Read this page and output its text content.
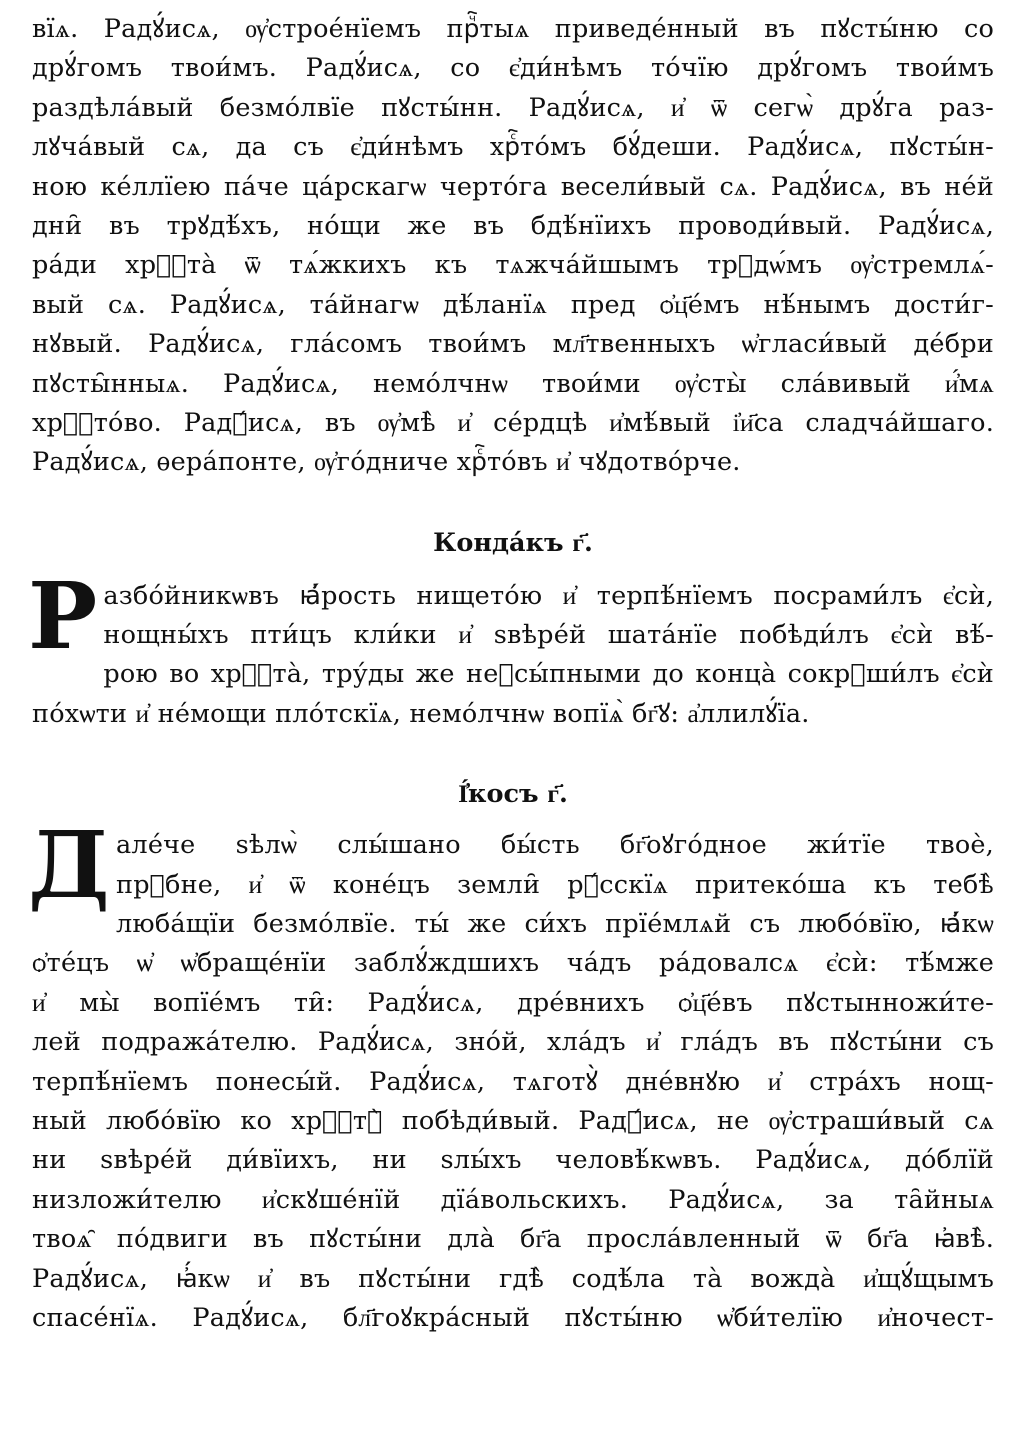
вїѧ. Радꙋ́исѧ, ѹ҆строе́нїемъ прⷱ҇тыѧ приведе́нный въ пꙋсты́ню со
дрꙋ́гомъ твои́мъ. Радꙋ́исѧ, со є҆ди́нѣмъ то́чїю дрꙋ́гомъ твои́мъ
раздѣла́вый безмо́лвїе пꙋсты́нн. Радꙋ́исѧ, и҆ ѿ сегѡ̀ дрꙋ́га раз-
лꙋча́вый сѧ, да съ є҆ди́нѣмъ хрⷭ҇то́мъ бꙋ́деши. Радꙋ́исѧ, пꙋсты́н-
ною ке́ллїею па́че ца́рскагѡ черто́га весели́вый сѧ. Радꙋ́исѧ, въ не́й
дни̑ въ трꙋдѣ́хъ, но́щи же въ бдѣ́нїихъ проводи́вый. Радꙋ́исѧ,
ра́ди хрⷭ҇та̀ ѿ тѧ́жкихъ къ тѧжча́йшымъ трꙋдѡ́мъ ѹ҆стремлѧ́-
вый сѧ. Радꙋ́исѧ, та́йнагѡ дѣ́ланїѧ пред ѻ҆ц҃е́мъ нѣ́нымъ дости́г-
нꙋвый. Радꙋ́исѧ, гла́сомъ твои́мъ мл҃твенныхъ ѡ҆гласи́вый де́бри
пꙋсты̑нныѧ. Радꙋ́исѧ, немо́лчнѡ твои́ми ѹ҆сты̀ сла́вивый и҆́мѧ
хрⷭ҇то́во. Радꙋ́исѧ, въ ѹ҆мѣ̀ и҆ се́рдцѣ и҆мѣ́вый і҆и҃са сладча́йшаго.
Радꙋ́исѧ, ѳера́понте, ѹ҆го́дниче хрⷭ҇то́въ и҆ чꙋдотво́рче.
Конда́къ г҃.
Р азбо́йникѡвъ ꙗ҆́рость нището́ю и҆ терпѣ́нїемъ посрами́лъ є҆сѝ,
нощны́хъ пти́цъ кли́ки и҆ ѕвѣре́й шата́нїе побѣди́лъ є҆сѝ вѣ́-
рою во хрⷭ҇та̀, тру́ды же неꙋсы́пными до конца̀ сокрꙋши́лъ є҆сѝ
по́хѡти и҆ не́мощи пло́тскїѧ, немо́лчнѡ вопїѧ̀ бг҃ꙋ: а҆ллилꙋ́їа.
І҆́косъ г҃.
Д але́че ѕѣлѡ̀ слы́шано бы́сть бг҃оꙋго́дное жи́тїе твоѐ,
прⷣбне, и҆ ѿ коне́цъ земли̑ рꙋ́сскїѧ притеко́ша къ тебѣ̀
люба́щїи безмо́лвїе. ты́ же си́хъ прїе́млѧй съ любо́вїю, ꙗ҆́кѡ
ѻ҆те́цъ ѡ҆ ѡ҆браще́нїи заблꙋ́ждшихъ ча́дъ ра́довалсѧ є҆сѝ: тѣ́мже
и҆ мы̀ вопїе́мъ ти̑: Радꙋ́исѧ, дре́внихъ ѻ҆ц҃е́въ пꙋстынножи́те-
лей подража́телю. Радꙋ́исѧ, зно́й, хла́дъ и҆ гла́дъ въ пꙋсты́ни съ
терпѣ́нїемъ понесы́й. Радꙋ́исѧ, тѧготꙋ̀ дне́внꙋю и҆ стра́хъ нощ-
ный любо́вїю ко хрⷭ҇тꙋ̀ побѣди́вый. Радꙋ́исѧ, не ѹ҆страши́вый сѧ
ни ѕвѣре́й ди́вїихъ, ни ѕлы́хъ человѣ́кѡвъ. Радꙋ́исѧ, до́блїй
низложи́телю и҆скꙋше́нїй дїа́вольскихъ. Радꙋ́исѧ, за та̑йныѧ
твоѧ̑ по́двиги въ пꙋсты́ни дла̀ бг҃а просла́вленный ѿ бг҃а ꙗ҆вѣ̀.
Радꙋ́исѧ, ꙗ҆́кѡ и҆ въ пꙋсты́ни гдѣ̀ содѣ́ла та̀ вожда̀ и҆щꙋ́щымъ
спасе́нїѧ. Радꙋ́исѧ, бл҃гоꙋкра́сный пꙋсты́ню ѡ҆би́телїю и҆ночест-
